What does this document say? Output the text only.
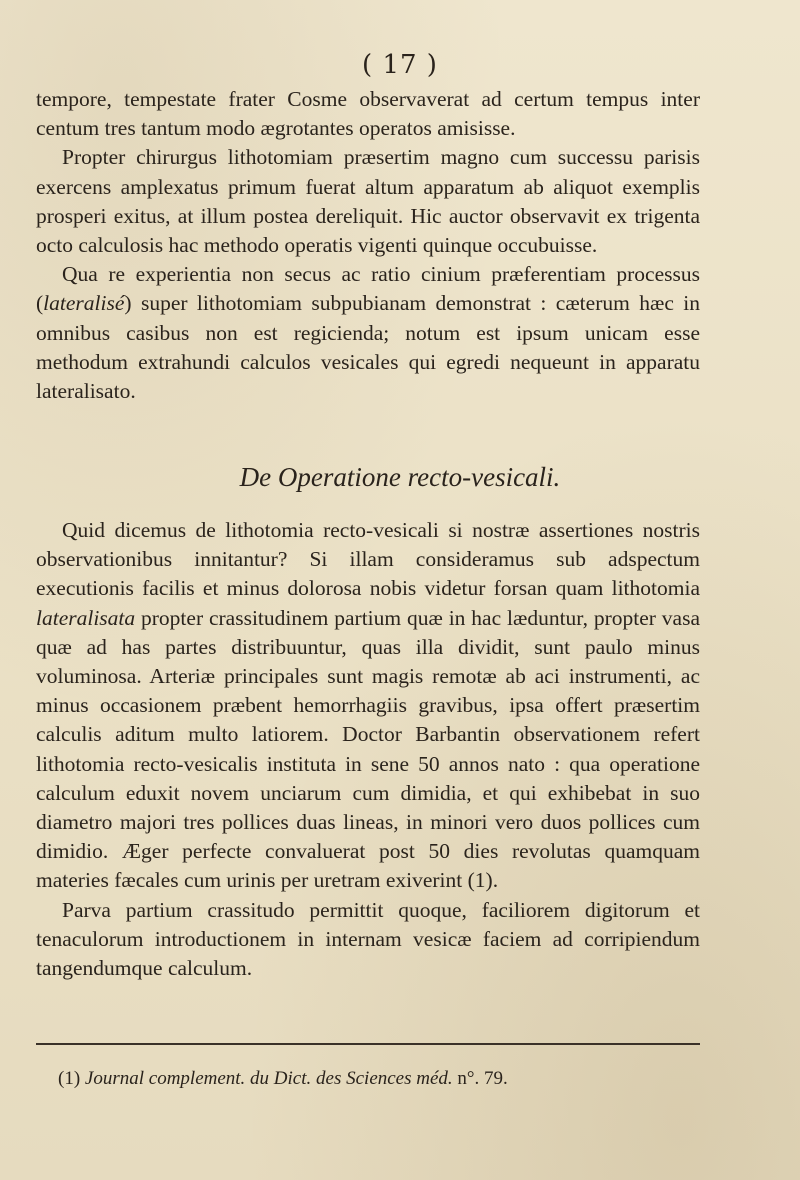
( 17 )

tempore, tempestate frater Cosme observaverat ad certum tempus inter centum tres tantum modo ægrotantes operatos amisisse.

Propter chirurgus lithotomiam præsertim magno cum successu parisis exercens amplexatus primum fuerat altum apparatum ab aliquot exemplis prosperi exitus, at illum postea dereliquit. Hic auctor observavit ex trigenta octo calculosis hac methodo operatis vigenti quinque occubuisse.

Qua re experientia non secus ac ratio cinium præferentiam processus (lateralisé) super lithotomiam subpubianam demonstrat : cæterum hæc in omnibus casibus non est regicienda; notum est ipsum unicam esse methodum extrahundi calculos vesicales qui egredi nequeunt in apparatu lateralisato.

De Operatione recto-vesicali.

Quid dicemus de lithotomia recto-vesicali si nostræ assertiones nostris observationibus innitantur? Si illam consideramus sub adspectum executionis facilis et minus dolorosa nobis videtur forsan quam lithotomia lateralisata propter crassitudinem partium quæ in hac læduntur, propter vasa quæ ad has partes distribuuntur, quas illa dividit, sunt paulo minus voluminosa. Arteriæ principales sunt magis remotæ ab aci instrumenti, ac minus occasionem præbent hemorrhagiis gravibus, ipsa offert præsertim calculis aditum multo latiorem. Doctor Barbantin observationem refert lithotomia recto-vesicalis instituta in sene 50 annos nato : qua operatione calculum eduxit novem unciarum cum dimidia, et qui exhibebat in suo diametro majori tres pollices duas lineas, in minori vero duos pollices cum dimidio. Æger perfecte convaluerat post 50 dies revolutas quamquam materies fæcales cum urinis per uretram exiverint (1).

Parva partium crassitudo permittit quoque, faciliorem digitorum et tenaculorum introductionem in internam vesicæ faciem ad corripiendum tangendumque calculum.

(1) Journal complement. du Dict. des Sciences méd. n°. 79.
